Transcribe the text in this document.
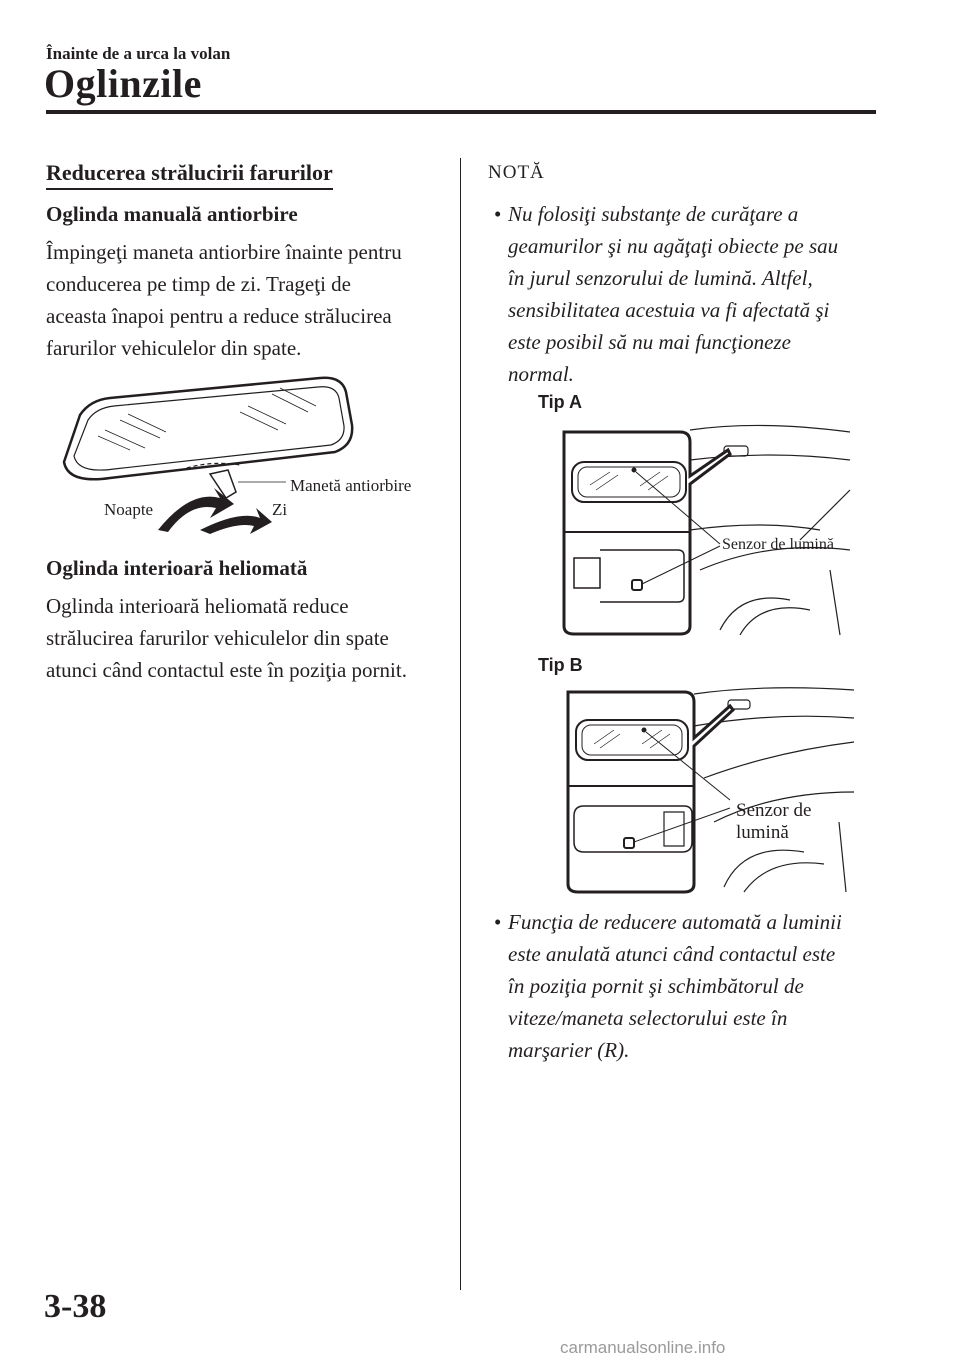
Înainte de a urca la volan
Oglinzile
Reducerea strălucirii farurilor
Oglinda manuală antiorbire
Împingeţi maneta antiorbire înainte pentru
conducerea pe timp de zi. Trageţi de
aceasta înapoi pentru a reduce strălucirea
farurilor vehiculelor din spate.
Manetă antiorbire
Noapte	Zi
Oglinda interioară heliomată
Oglinda interioară heliomată reduce
strălucirea farurilor vehiculelor din spate
atunci când contactul este în poziţia pornit.
NOTĂ
• Nu folosiţi substanţe de curăţare a
geamurilor şi nu agăţaţi obiecte pe sau
în jurul senzorului de lumină. Altfel,
sensibilitatea acestuia va fi afectată şi
este posibil să nu mai funcţioneze
normal.
Tip A
Senzor de lumină
Tip B
Senzor de
lumină
• Funcţia de reducere automată a luminii
este anulată atunci când contactul este
în poziţia pornit şi schimbătorul de
viteze/maneta selectorului este în
marşarier (R).
3-38
carmanualsonline.info
